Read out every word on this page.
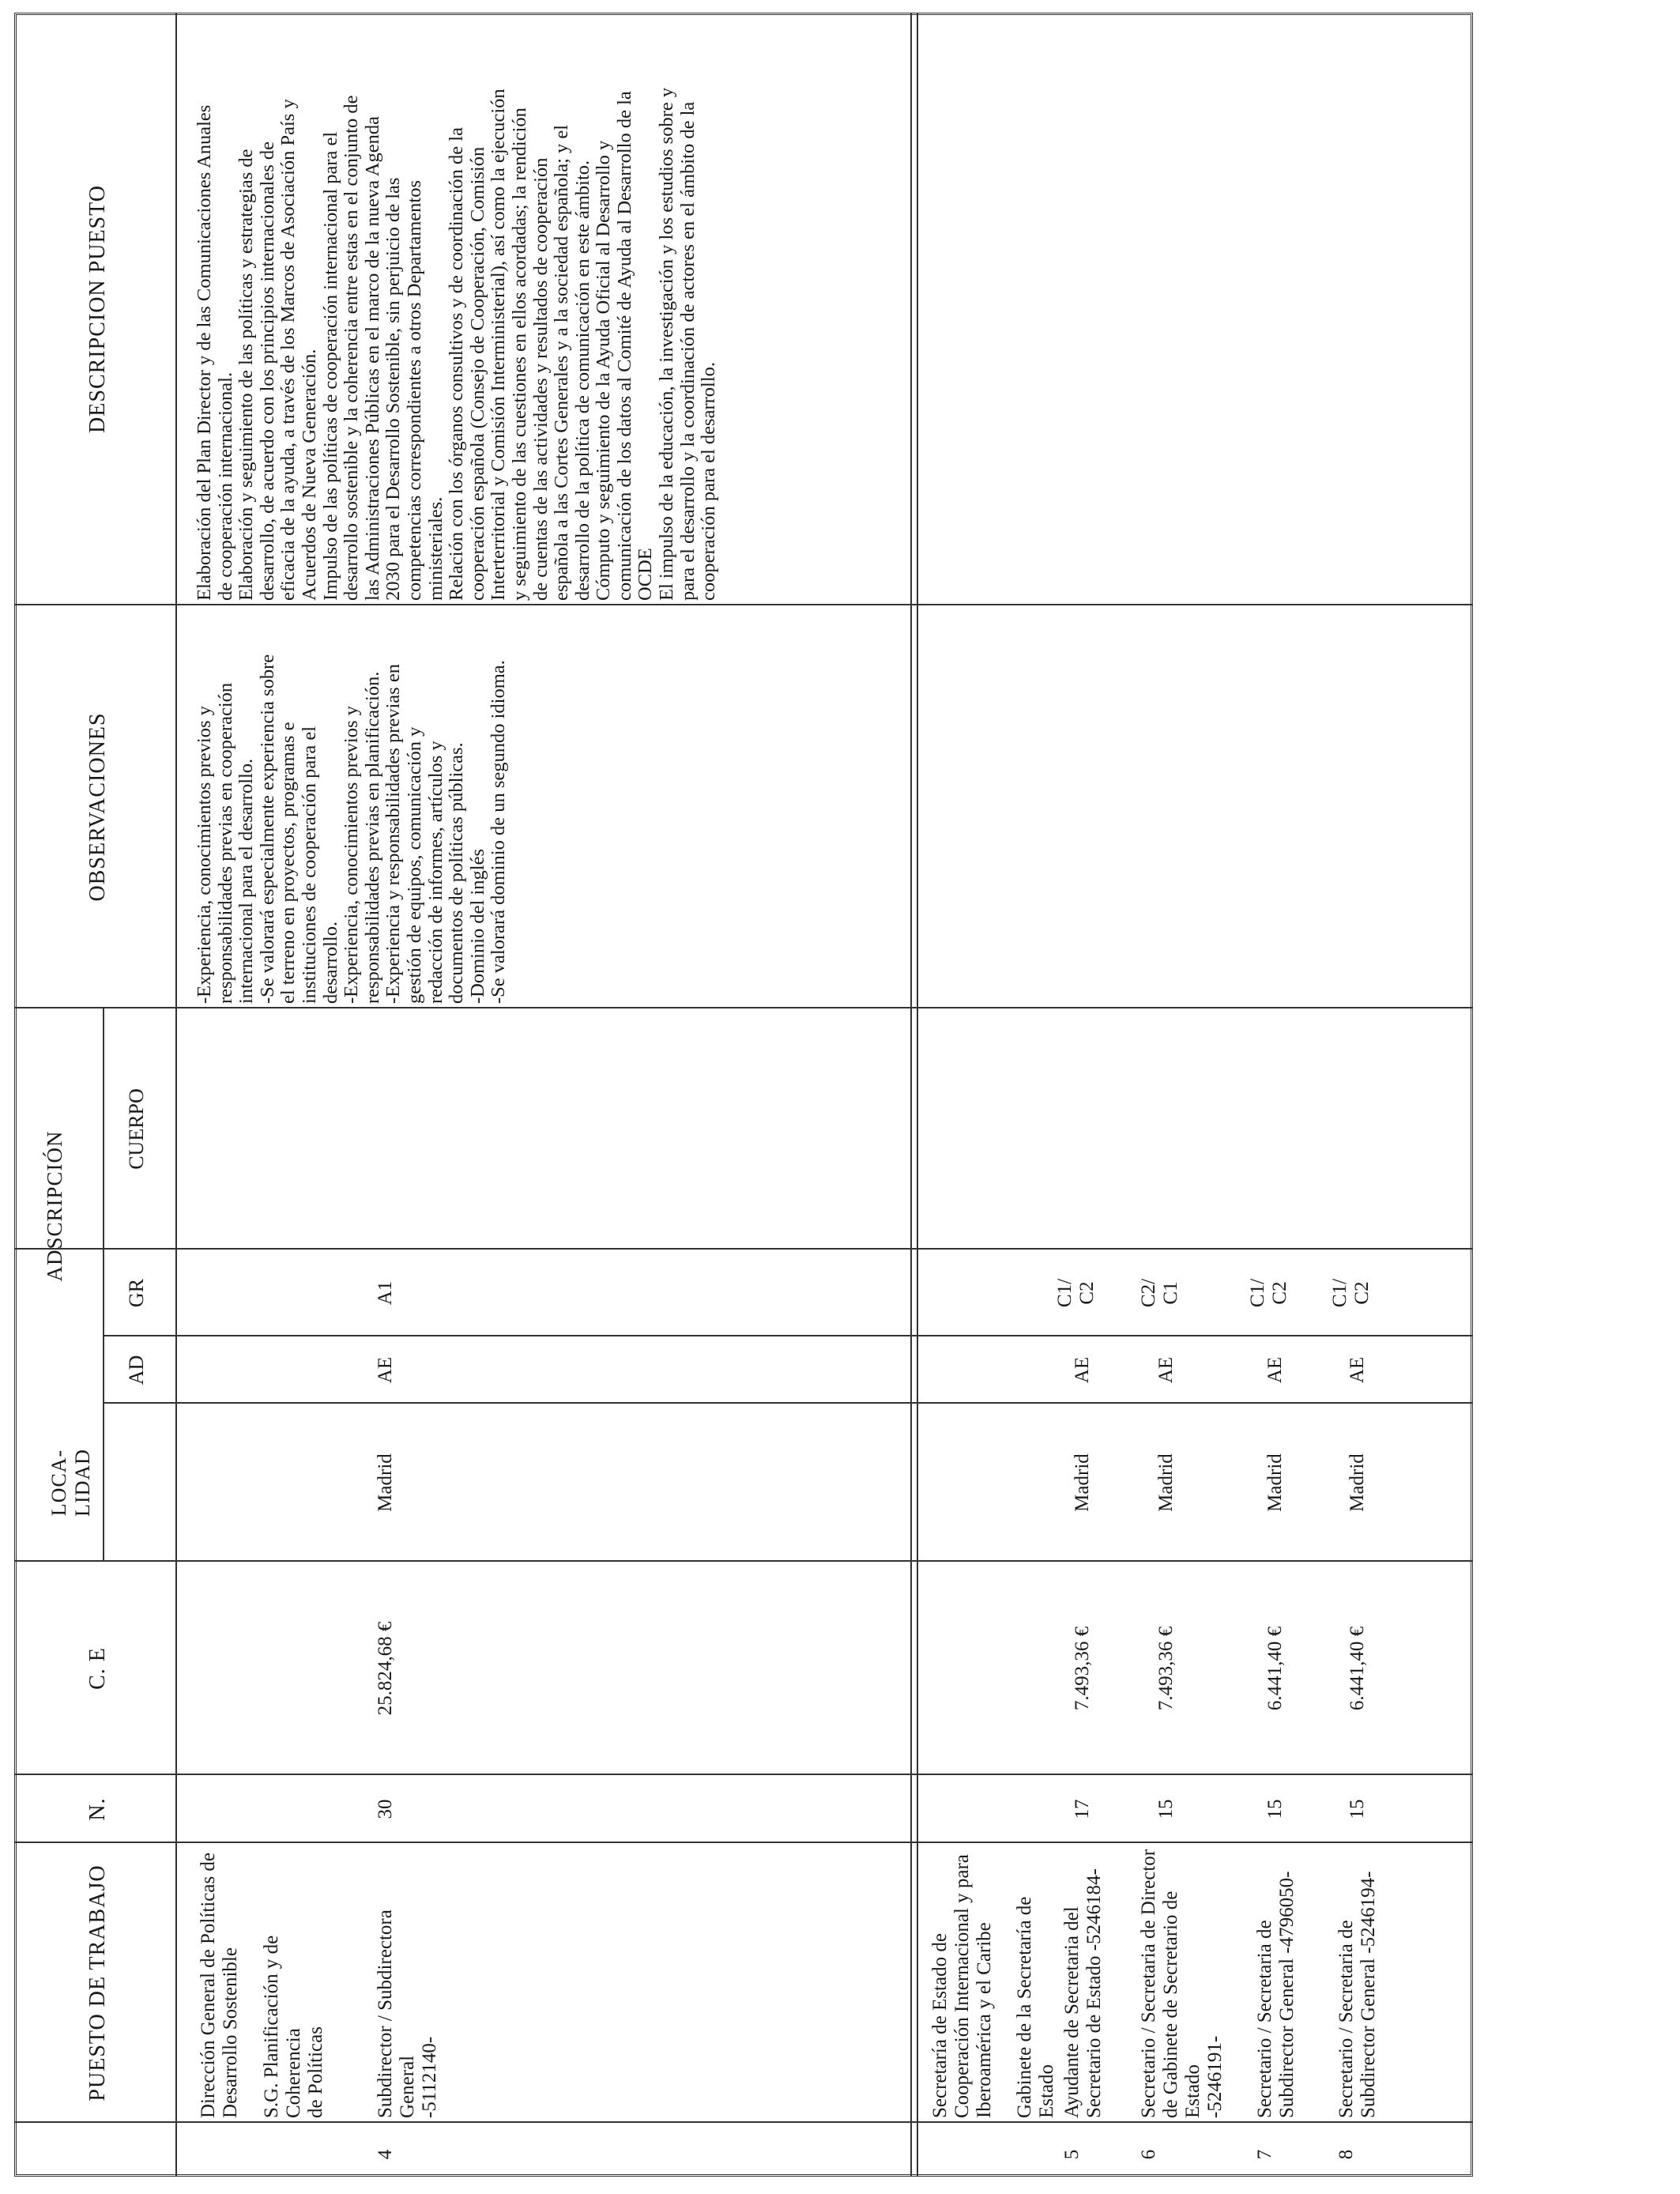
PUESTO DE TRABAJO
N.
C. E
LOCA-
LIDAD
ADSCRIPCIÓN
AD
GR
CUERPO
OBSERVACIONES
DESCRIPCION PUESTO
Dirección General de Políticas de
Desarrollo Sostenible
S.G. Planificación y de Coherencia
de Políticas
4
Subdirector / Subdirectora General
-5112140-
30
25.824,68 €
Madrid
AE
A1
-Experiencia, conocimientos previos y
responsabilidades previas en cooperación
internacional para el desarrollo.
-Se valorará especialmente experiencia sobre
el terreno en proyectos, programas e
instituciones de cooperación para el
desarrollo.
-Experiencia, conocimientos previos y
responsabilidades previas en planificación.
-Experiencia y responsabilidades previas en
gestión de equipos, comunicación y
redacción de informes, artículos y
documentos de políticas públicas.
-Dominio del inglés
-Se valorará dominio de un segundo idioma.
Elaboración del Plan Director y de las Comunicaciones Anuales
de cooperación internacional.
Elaboración y seguimiento de las políticas y estrategias de
desarrollo, de acuerdo con los principios internacionales de
eficacia de la ayuda, a través de los Marcos de Asociación País y
Acuerdos de Nueva Generación.
Impulso de las políticas de cooperación internacional para el
desarrollo sostenible y la coherencia entre estas en el conjunto de
las Administraciones Públicas en el marco de la nueva Agenda
2030 para el Desarrollo Sostenible, sin perjuicio de las
competencias correspondientes a otros Departamentos
ministeriales.
Relación con los órganos consultivos y de coordinación de la
cooperación española (Consejo de Cooperación, Comisión
Interterritorial y Comisión Interministerial), así como la ejecución
y seguimiento de las cuestiones en ellos acordadas; la rendición
de cuentas de las actividades y resultados de cooperación
española a las Cortes Generales y a la sociedad española; y el
desarrollo de la política de comunicación en este ámbito.
Cómputo y seguimiento de la Ayuda Oficial al Desarrollo y
comunicación de los datos al Comité de Ayuda al Desarrollo de la
OCDE
El impulso de la educación, la investigación y los estudios sobre y
para el desarrollo y la coordinación de actores en el ámbito de la
cooperación para el desarrollo.
Secretaría de Estado de
Cooperación Internacional y para
Iberoamérica y el Caribe Gabinete de la Secretaría de Estado
5
Ayudante de Secretaria del
Secretario de Estado -5246184-
17
7.493,36 €
Madrid
AE
C1/
C2
6
Secretario / Secretaria de Director
de Gabinete de Secretario de Estado
-5246191-
15
7.493,36 €
Madrid
AE
C2/
C1
7
Secretario / Secretaria de
Subdirector General -4796050-
15
6.441,40 €
Madrid
AE
C1/
C2
8
Secretario / Secretaria de
Subdirector General -5246194-
15
6.441,40 €
Madrid
AE
C1/
C2
